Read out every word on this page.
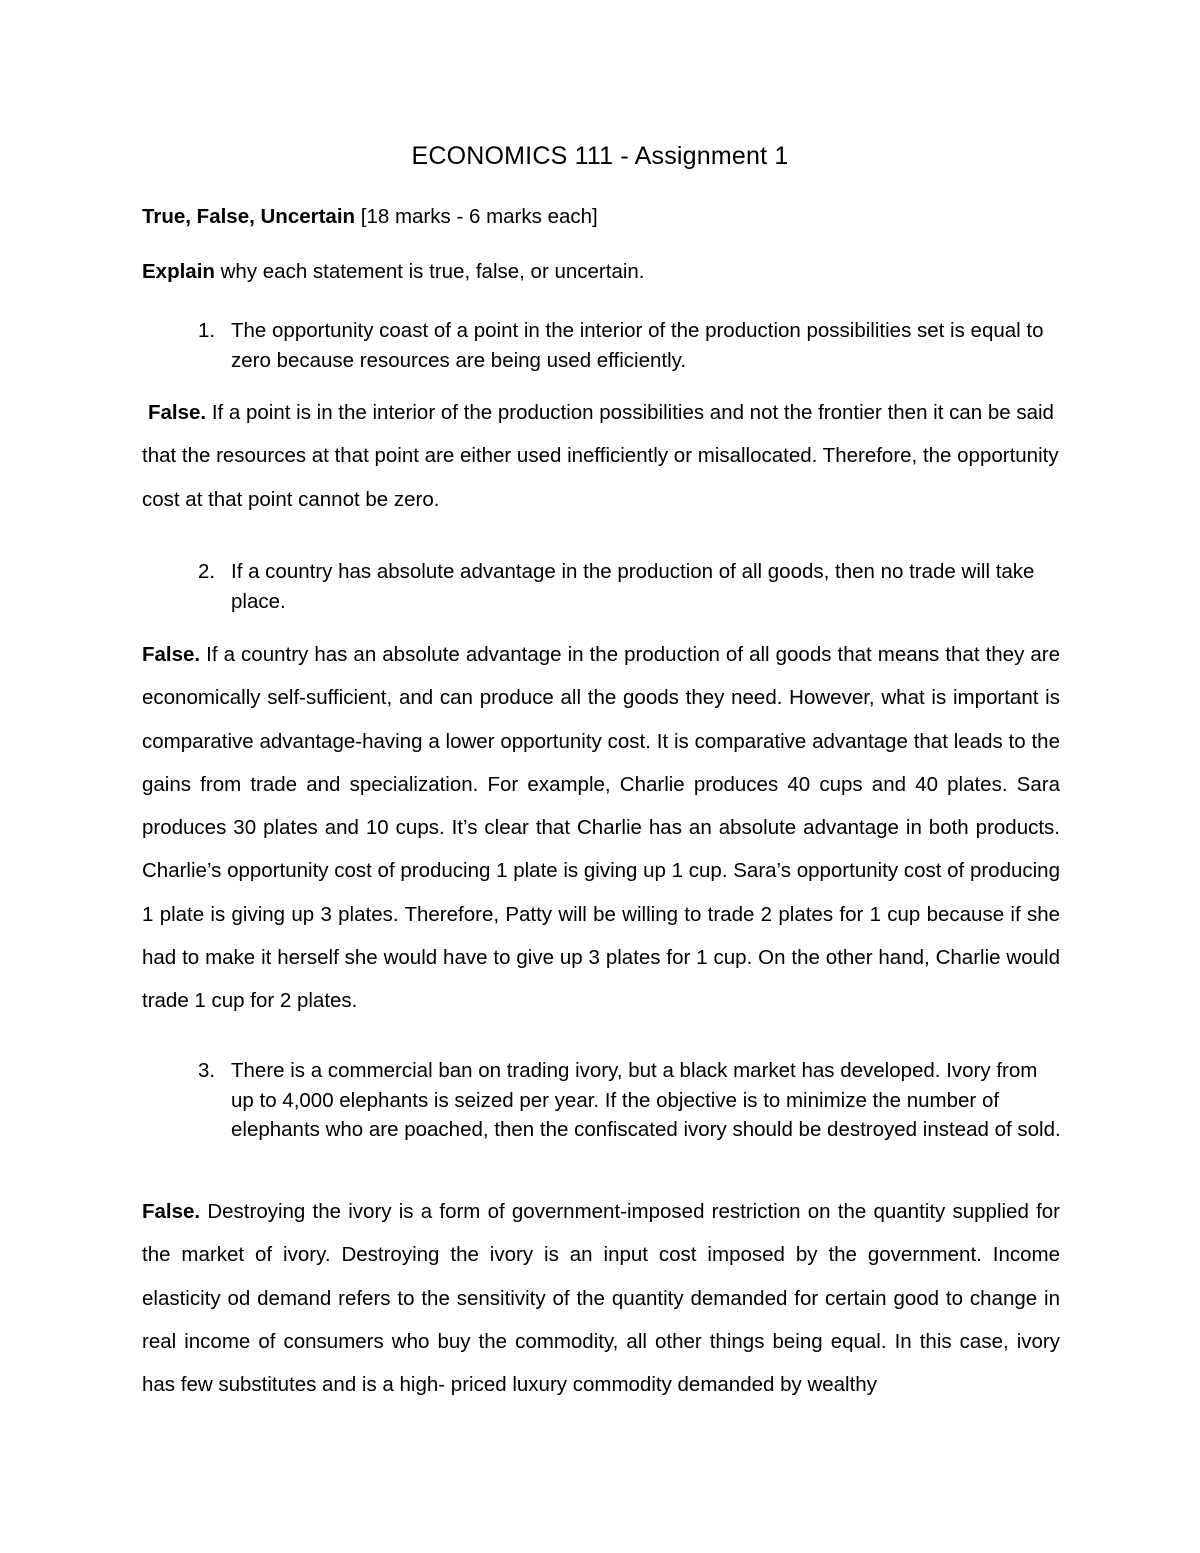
ECONOMICS 111 - Assignment 1
True, False, Uncertain [18 marks - 6 marks each]
Explain why each statement is true, false, or uncertain.
1. The opportunity coast of a point in the interior of the production possibilities set is equal to zero because resources are being used efficiently.
False. If a point is in the interior of the production possibilities and not the frontier then it can be said that the resources at that point are either used inefficiently or misallocated. Therefore, the opportunity cost at that point cannot be zero.
2. If a country has absolute advantage in the production of all goods, then no trade will take place.
False. If a country has an absolute advantage in the production of all goods that means that they are economically self-sufficient, and can produce all the goods they need. However, what is important is comparative advantage-having a lower opportunity cost. It is comparative advantage that leads to the gains from trade and specialization. For example, Charlie produces 40 cups and 40 plates. Sara produces 30 plates and 10 cups. It’s clear that Charlie has an absolute advantage in both products. Charlie’s opportunity cost of producing 1 plate is giving up 1 cup. Sara’s opportunity cost of producing 1 plate is giving up 3 plates. Therefore, Patty will be willing to trade 2 plates for 1 cup because if she had to make it herself she would have to give up 3 plates for 1 cup. On the other hand, Charlie would trade 1 cup for 2 plates.
3. There is a commercial ban on trading ivory, but a black market has developed. Ivory from up to 4,000 elephants is seized per year. If the objective is to minimize the number of elephants who are poached, then the confiscated ivory should be destroyed instead of sold.
False. Destroying the ivory is a form of government-imposed restriction on the quantity supplied for the market of ivory. Destroying the ivory is an input cost imposed by the government. Income elasticity od demand refers to the sensitivity of the quantity demanded for certain good to change in real income of consumers who buy the commodity, all other things being equal. In this case, ivory has few substitutes and is a high- priced luxury commodity demanded by wealthy
